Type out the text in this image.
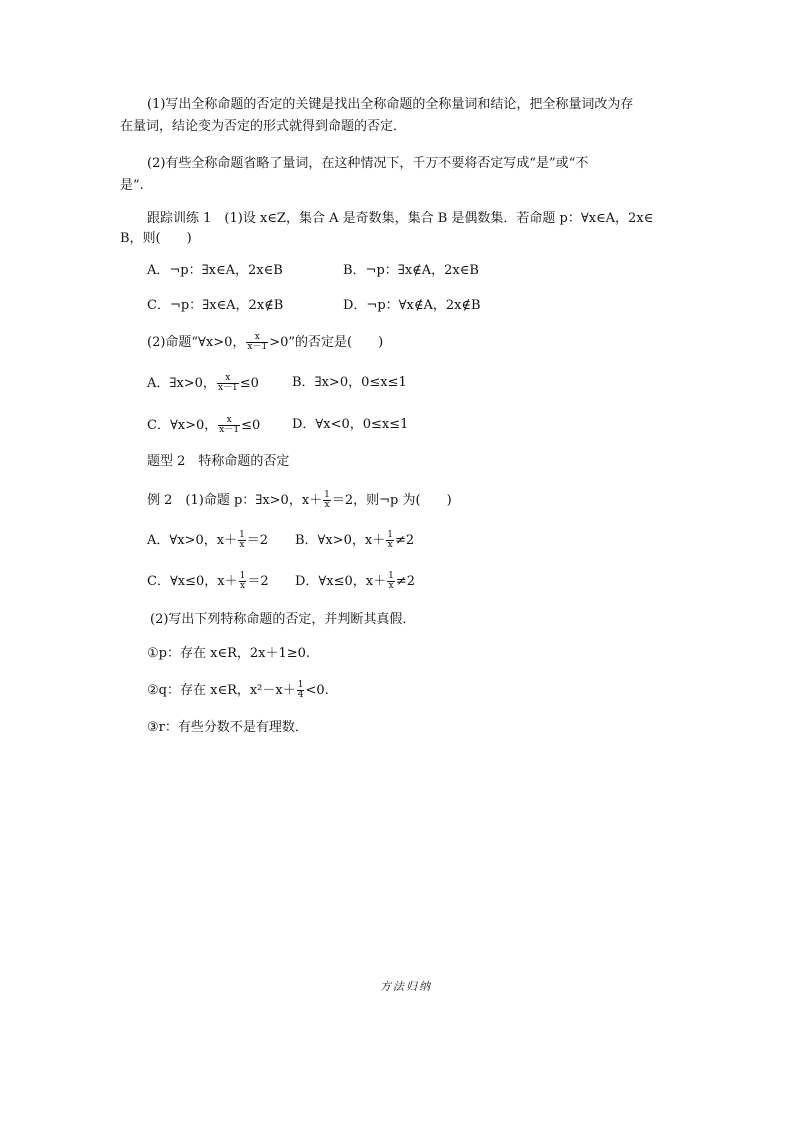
(1)写出全称命题的否定的关键是找出全称命题的全称量词和结论，把全称量词改为存
在量词，结论变为否定的形式就得到命题的否定．
(2)有些全称命题省略了量词，在这种情况下，千万不要将否定写成“是”或“不
是”.
跟踪训练 1　(1)设 x∈Z，集合 A 是奇数集，集合 B 是偶数集．若命题 p：∀x∈A，2x∈
B，则(　　)
A．¬p：∃x∈A，2x∈B	B．¬p：∃x∉A，2x∈B
C．¬p：∃x∈A，2x∉B	D．¬p：∀x∉A，2x∉B
(2)命题“∀x>0， $\frac{x}{x-1} >0$”的否定是(　　)
A．∃x>0， $\frac{x}{x-1} \le 0$	B．∃x>0，0≤x≤1
C．∀x>0， $\frac{x}{x-1} \le 0$ D．∀x<0，0≤x≤1
题型 2　特称命题的否定
例 2　(1)命题 p：∃x>0，$x+ \frac{1}{x} =2$，则¬p 为(　　)
A．∀x>0，$x+ \frac{1}{x} =2$ B．∀x>0，$x+ \frac{1}{x} \ne 2$
C．∀x≤0，$x+ \frac{1}{x} =2$ D．∀x≤0，$x+ \frac{1}{x} \ne 2$
(2)写出下列特称命题的否定，并判断其真假．
①p：存在 x∈R，2x＋1≥0.
②q：存在 x∈R，$x^2-x+ \frac{1}{4} <0$.
③r：有些分数不是有理数．
方法归纳
